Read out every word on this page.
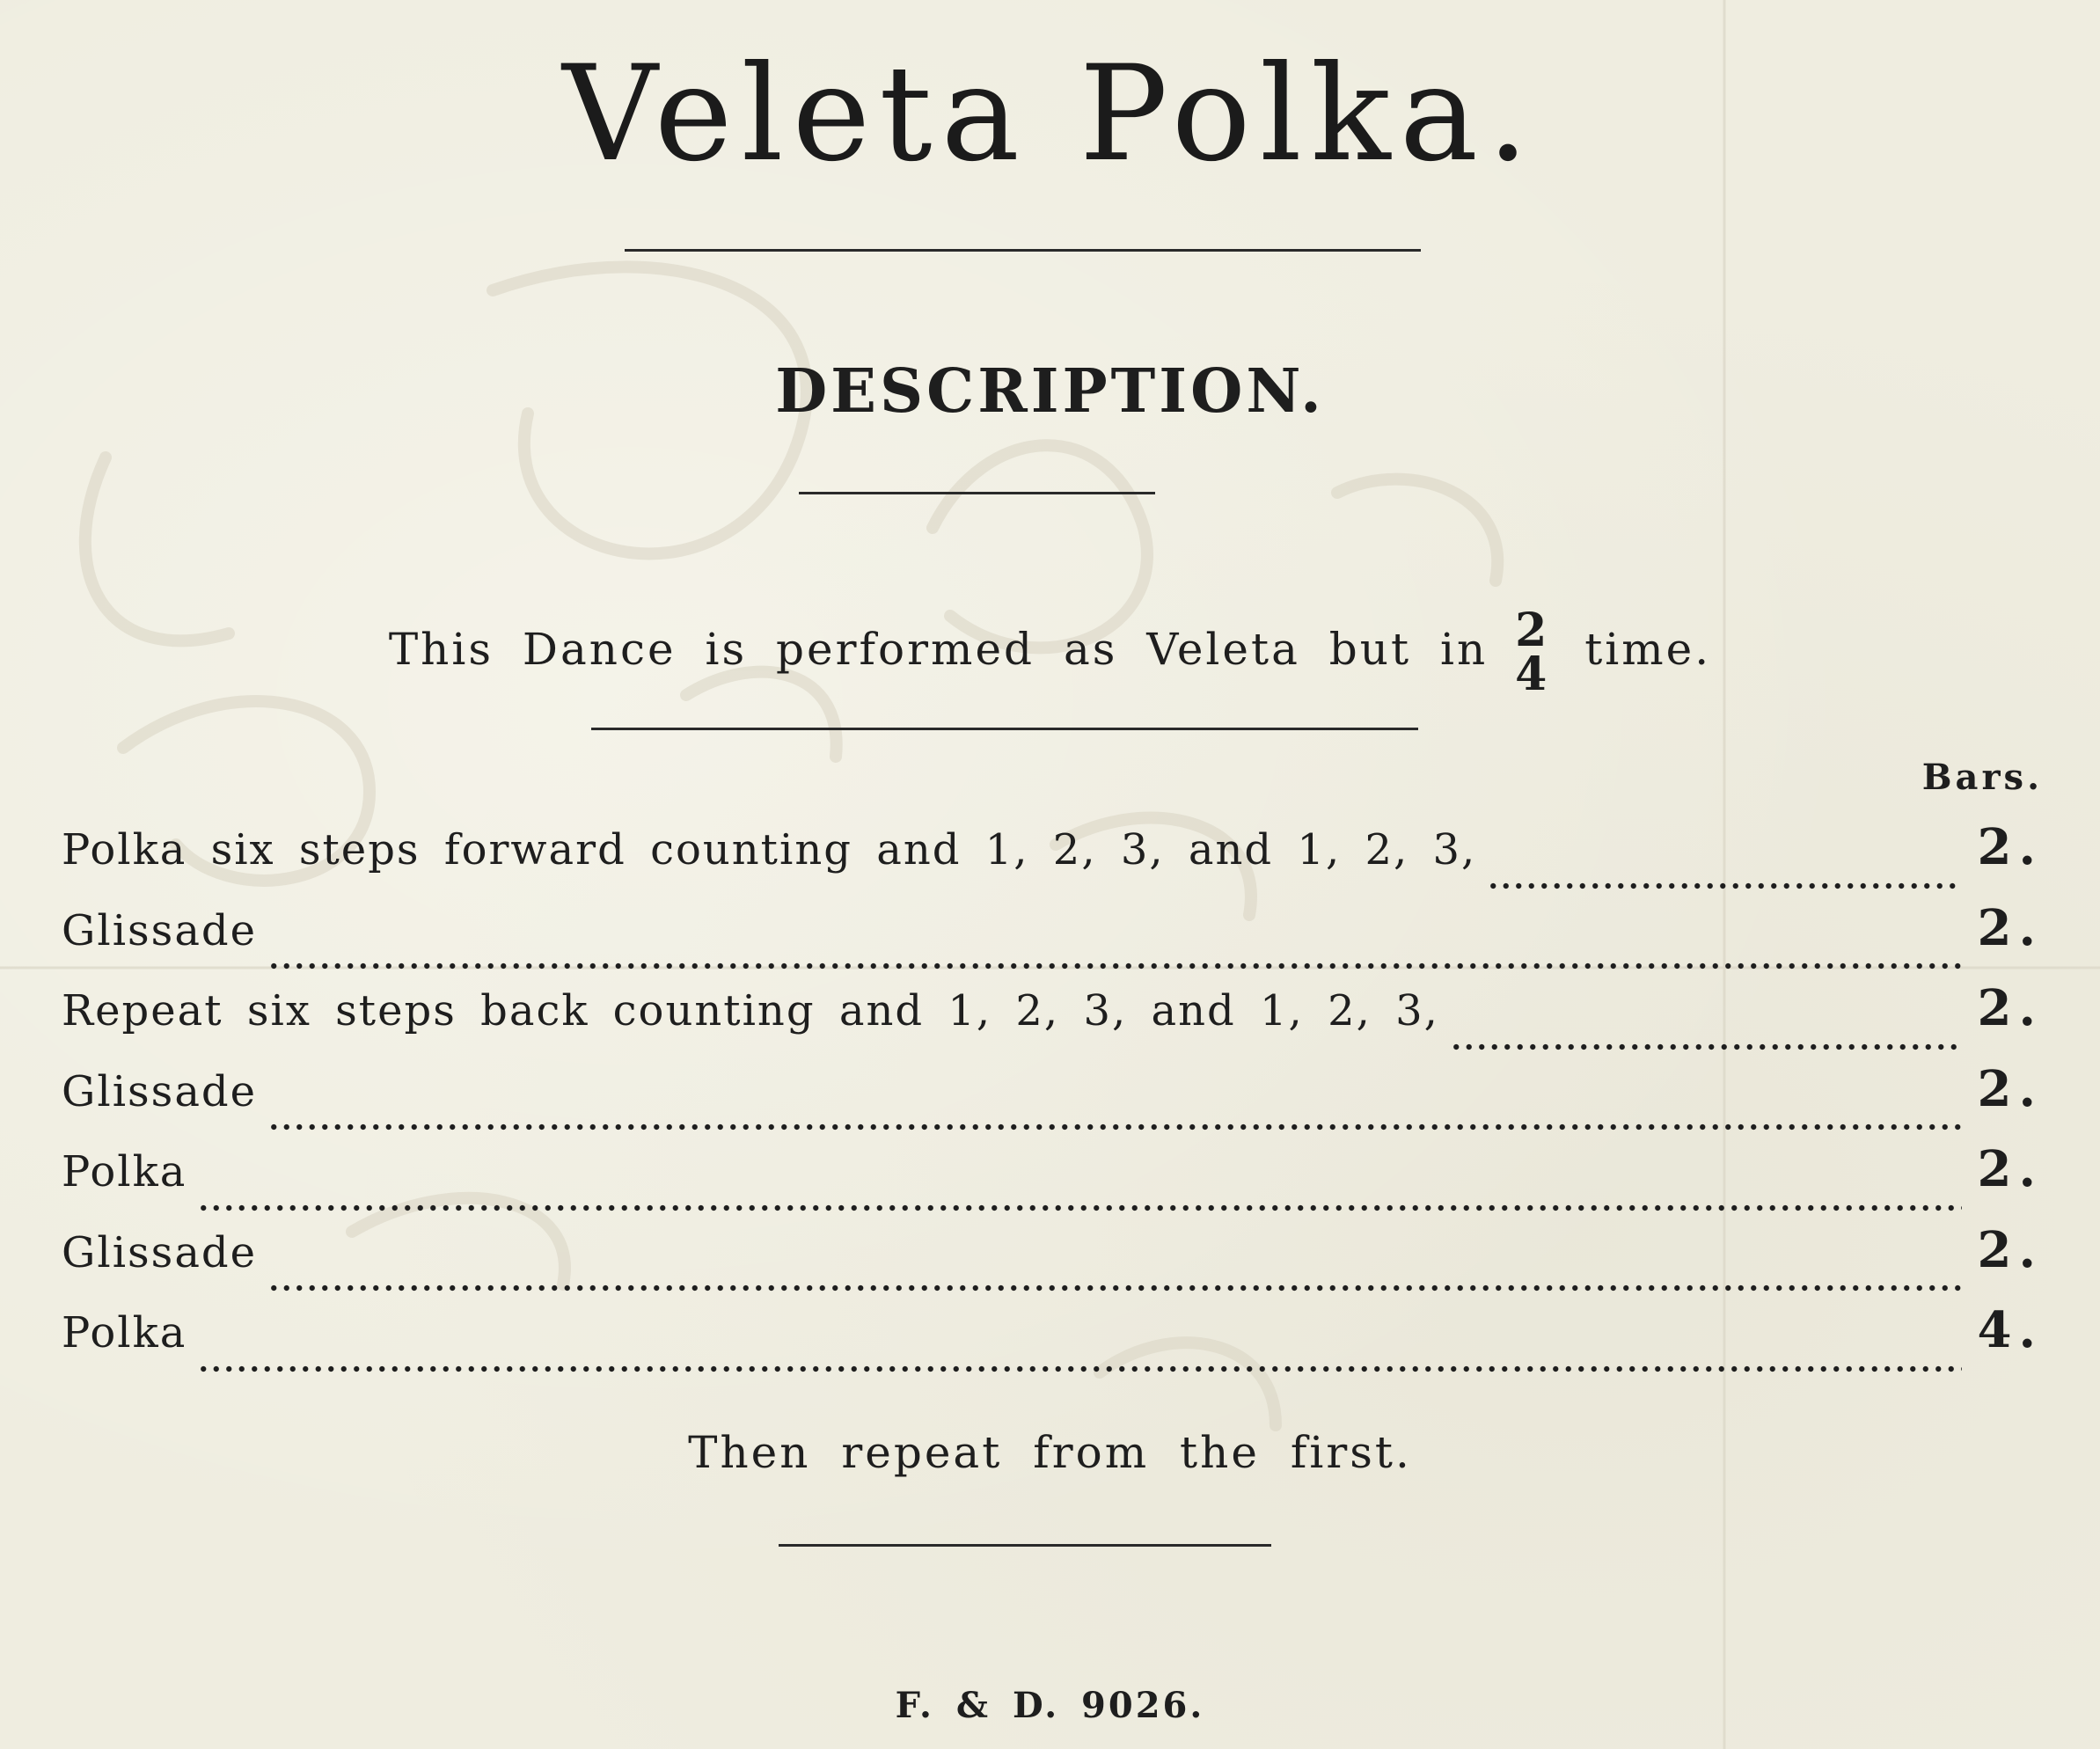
Veleta Polka.
DESCRIPTION.
This Dance is performed as Veleta but in 2
4 time.
Bars.
Polka six steps forward counting and 1, 2, 3, and 1, 2, 3,	2.
Glissade	2.
Repeat six steps back counting and 1, 2, 3, and 1, 2, 3,	2.
Glissade	2.
Polka	2.
Glissade	2.
Polka	4.
Then repeat from the first.
F. & D. 9026.
